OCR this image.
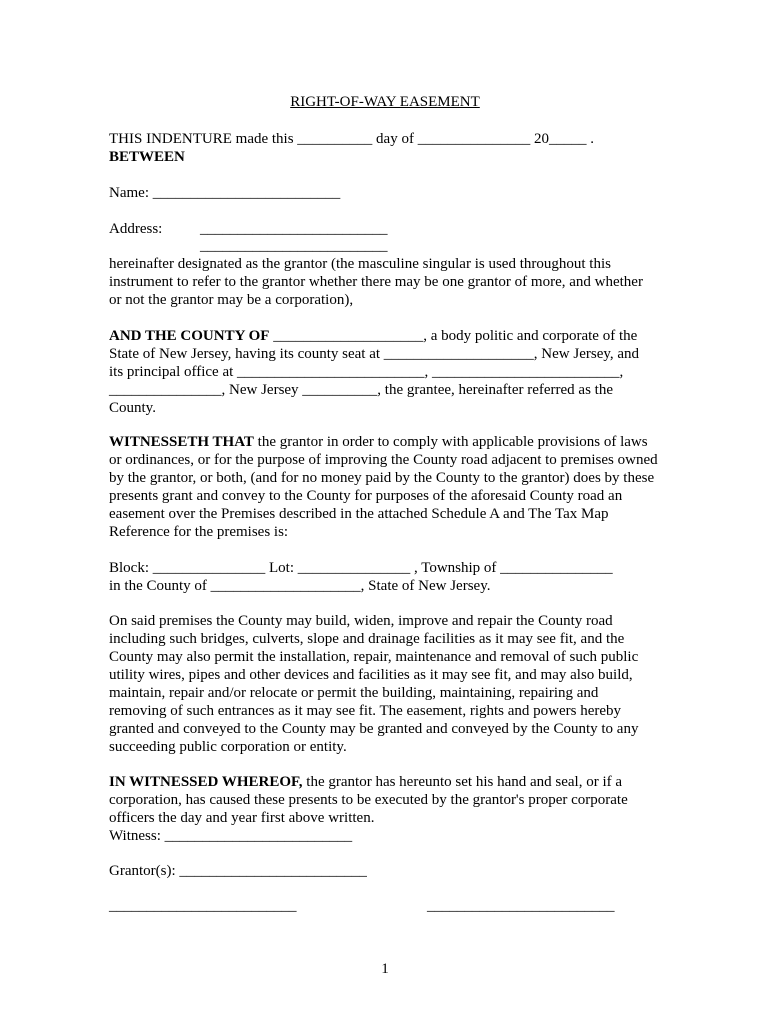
RIGHT-OF-WAY EASEMENT
THIS INDENTURE made this __________ day of _______________ 20_____ .
BETWEEN
Name: _________________________
Address:	_________________________
_________________________
hereinafter designated as the grantor (the masculine singular is used throughout this
instrument to refer to the grantor whether there may be one grantor of more, and whether
or not the grantor may be a corporation),
AND THE COUNTY OF ____________________, a body politic and corporate of the
State of New Jersey, having its county seat at ____________________, New Jersey, and
its principal office at _________________________, _________________________,
_______________, New Jersey __________, the grantee, hereinafter referred as the
County.
WITNESSETH THAT the grantor in order to comply with applicable provisions of laws
or ordinances, or for the purpose of improving the County road adjacent to premises owned
by the grantor, or both, (and for no money paid by the County to the grantor) does by these
presents grant and convey to the County for purposes of the aforesaid County road an
easement over the Premises described in the attached Schedule A and The Tax Map
Reference for the premises is:
Block: _______________ Lot: _______________ , Township of _______________
in the County of ____________________, State of New Jersey.
On said premises the County may build, widen, improve and repair the County road
including such bridges, culverts, slope and drainage facilities as it may see fit, and the
County may also permit the installation, repair, maintenance and removal of such public
utility wires, pipes and other devices and facilities as it may see fit, and may also build,
maintain, repair and/or relocate or permit the building, maintaining, repairing and
removing of such entrances as it may see fit. The easement, rights and powers hereby
granted and conveyed to the County may be granted and conveyed by the County to any
succeeding public corporation or entity.
IN WITNESSED WHEREOF, the grantor has hereunto set his hand and seal, or if a
corporation, has caused these presents to be executed by the grantor's proper corporate
officers the day and year first above written.
Witness: _________________________
Grantor(s): _________________________
_________________________	_________________________
1
